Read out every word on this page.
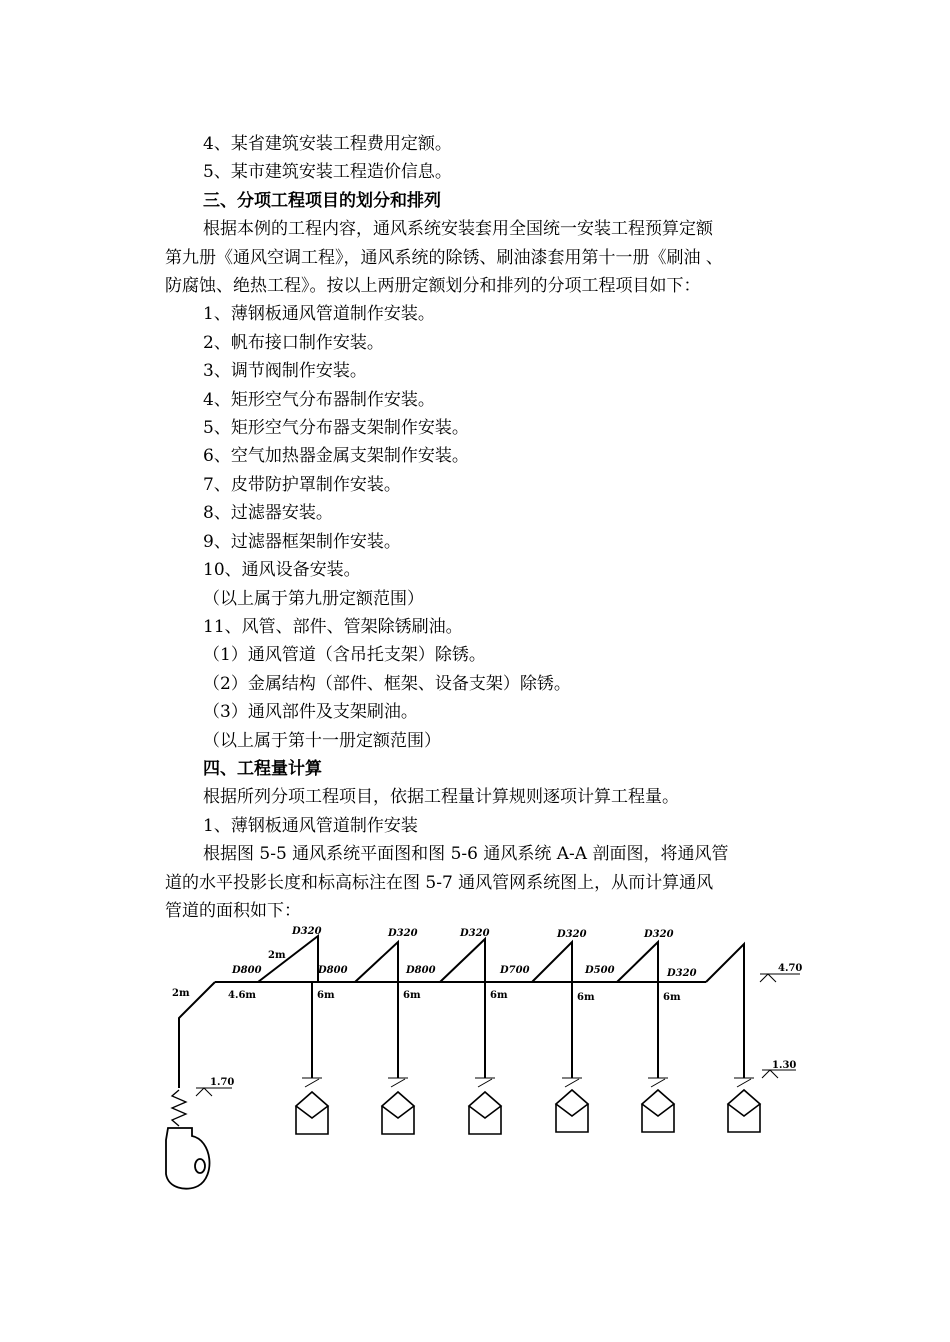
4、某省建筑安装工程费用定额。

5、某市建筑安装工程造价信息。

三、分项工程项目的划分和排列

根据本例的工程内容，通风系统安装套用全国统一安装工程预算定额

第九册《通风空调工程》，通风系统的除锈、刷油漆套用第十一册《刷油 、

防腐蚀、绝热工程》。按以上两册定额划分和排列的分项工程项目如下：

1、薄钢板通风管道制作安装。

2、帆布接口制作安装。

3、调节阀制作安装。

4、矩形空气分布器制作安装。

5、矩形空气分布器支架制作安装。

6、空气加热器金属支架制作安装。

7、皮带防护罩制作安装。

8、过滤器安装。

9、过滤器框架制作安装。

10、通风设备安装。

（以上属于第九册定额范围）

11、风管、部件、管架除锈刷油。

（1）通风管道（含吊托支架）除锈。

（2）金属结构（部件、框架、设备支架）除锈。

（3）通风部件及支架刷油。

（以上属于第十一册定额范围）

四、工程量计算

根据所列分项工程项目，依据工程量计算规则逐项计算工程量。

1、薄钢板通风管道制作安装

根据图 5-5 通风系统平面图和图 5-6 通风系统 A-A 剖面图，将通风管

道的水平投影长度和标高标注在图 5-7 通风管网系统图上，从而计算通风

管道的面积如下：

D320	D320	D320	D320	D320
D800	D800	D800	D700	D500	D320
2m
2m	4.6m	6m	6m	6m	6m	6m
4.70
1.30
1.70
